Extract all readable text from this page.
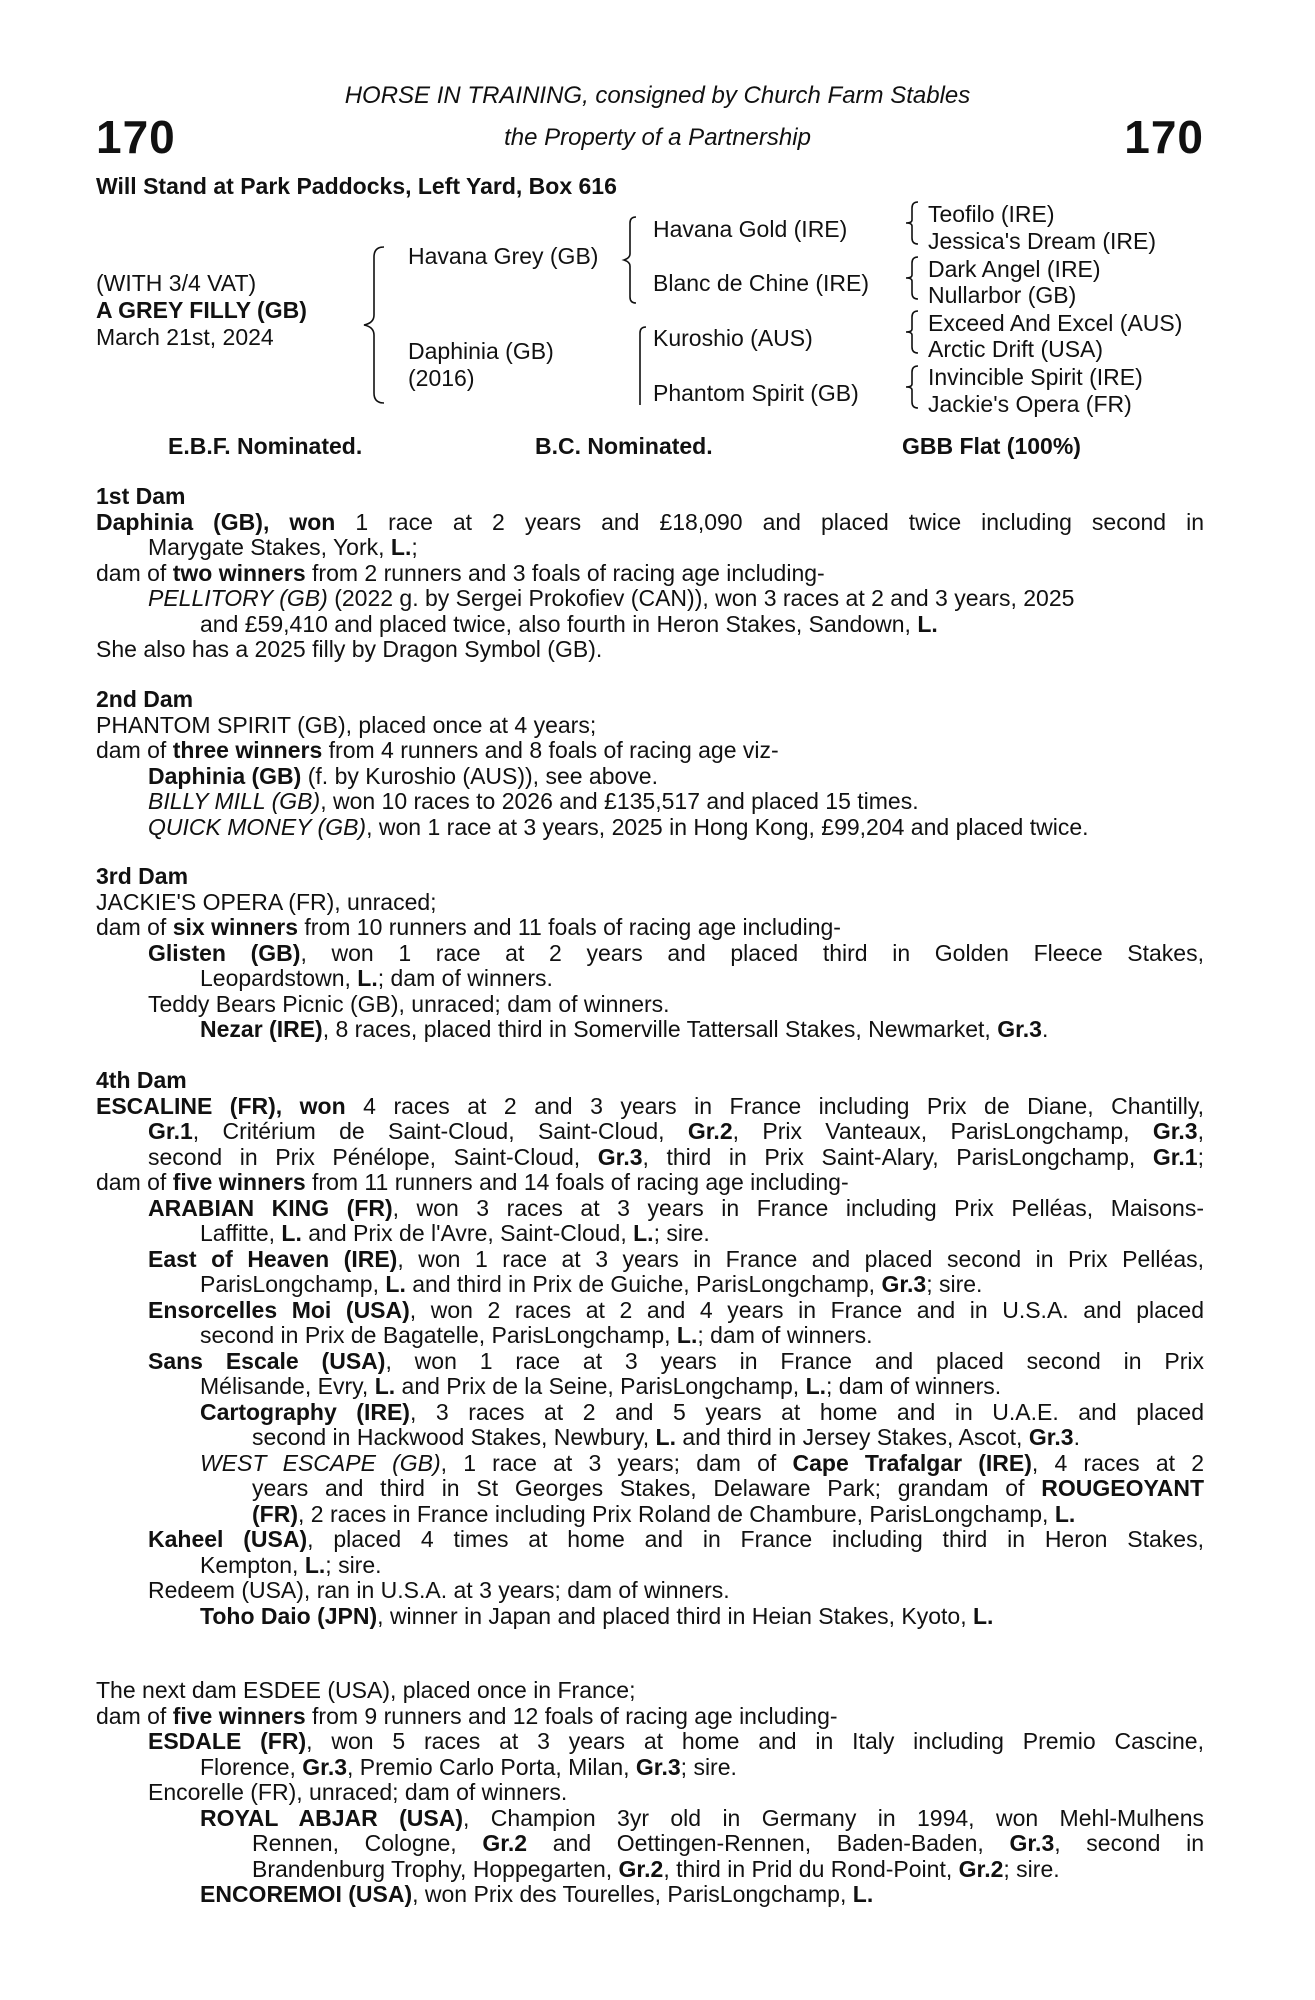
170	170
HORSE IN TRAINING, consigned by Church Farm Stables
the Property of a Partnership
Will Stand at Park Paddocks, Left Yard, Box 616
(WITH 3/4 VAT)
A GREY FILLY (GB)
March 21st, 2024
Havana Grey (GB)
Daphinia (GB)
(2016)
Havana Gold (IRE)
Blanc de Chine (IRE)
Kuroshio (AUS)
Phantom Spirit (GB)
Teofilo (IRE)
Jessica's Dream (IRE)
Dark Angel (IRE)
Nullarbor (GB)
Exceed And Excel (AUS)
Arctic Drift (USA)
Invincible Spirit (IRE)
Jackie's Opera (FR)
E.B.F. Nominated.	B.C. Nominated.	GBB Flat (100%)
1st Dam
Daphinia (GB), won 1 race at 2 years and £18,090 and placed twice including second in
Marygate Stakes, York, L.;
dam of two winners from 2 runners and 3 foals of racing age including-
PELLITORY (GB) (2022 g. by Sergei Prokofiev (CAN)), won 3 races at 2 and 3 years, 2025
and £59,410 and placed twice, also fourth in Heron Stakes, Sandown, L.
She also has a 2025 filly by Dragon Symbol (GB).
2nd Dam
PHANTOM SPIRIT (GB), placed once at 4 years;
dam of three winners from 4 runners and 8 foals of racing age viz-
Daphinia (GB) (f. by Kuroshio (AUS)), see above.
BILLY MILL (GB), won 10 races to 2026 and £135,517 and placed 15 times.
QUICK MONEY (GB), won 1 race at 3 years, 2025 in Hong Kong, £99,204 and placed twice.
3rd Dam
JACKIE'S OPERA (FR), unraced;
dam of six winners from 10 runners and 11 foals of racing age including-
Glisten (GB), won 1 race at 2 years and placed third in Golden Fleece Stakes,
Leopardstown, L.; dam of winners.
Teddy Bears Picnic (GB), unraced; dam of winners.
Nezar (IRE), 8 races, placed third in Somerville Tattersall Stakes, Newmarket, Gr.3.
4th Dam
ESCALINE (FR), won 4 races at 2 and 3 years in France including Prix de Diane, Chantilly,
Gr.1, Critérium de Saint-Cloud, Saint-Cloud, Gr.2, Prix Vanteaux, ParisLongchamp, Gr.3,
second in Prix Pénélope, Saint-Cloud, Gr.3, third in Prix Saint-Alary, ParisLongchamp, Gr.1;
dam of five winners from 11 runners and 14 foals of racing age including-
ARABIAN KING (FR), won 3 races at 3 years in France including Prix Pelléas, Maisons-
Laffitte, L. and Prix de l'Avre, Saint-Cloud, L.; sire.
East of Heaven (IRE), won 1 race at 3 years in France and placed second in Prix Pelléas,
ParisLongchamp, L. and third in Prix de Guiche, ParisLongchamp, Gr.3; sire.
Ensorcelles Moi (USA), won 2 races at 2 and 4 years in France and in U.S.A. and placed
second in Prix de Bagatelle, ParisLongchamp, L.; dam of winners.
Sans Escale (USA), won 1 race at 3 years in France and placed second in Prix
Mélisande, Evry, L. and Prix de la Seine, ParisLongchamp, L.; dam of winners.
Cartography (IRE), 3 races at 2 and 5 years at home and in U.A.E. and placed
second in Hackwood Stakes, Newbury, L. and third in Jersey Stakes, Ascot, Gr.3.
WEST ESCAPE (GB), 1 race at 3 years; dam of Cape Trafalgar (IRE), 4 races at 2
years and third in St Georges Stakes, Delaware Park; grandam of ROUGEOYANT
(FR), 2 races in France including Prix Roland de Chambure, ParisLongchamp, L.
Kaheel (USA), placed 4 times at home and in France including third in Heron Stakes,
Kempton, L.; sire.
Redeem (USA), ran in U.S.A. at 3 years; dam of winners.
Toho Daio (JPN), winner in Japan and placed third in Heian Stakes, Kyoto, L.
The next dam ESDEE (USA), placed once in France;
dam of five winners from 9 runners and 12 foals of racing age including-
ESDALE (FR), won 5 races at 3 years at home and in Italy including Premio Cascine,
Florence, Gr.3, Premio Carlo Porta, Milan, Gr.3; sire.
Encorelle (FR), unraced; dam of winners.
ROYAL ABJAR (USA), Champion 3yr old in Germany in 1994, won Mehl-Mulhens
Rennen, Cologne, Gr.2 and Oettingen-Rennen, Baden-Baden, Gr.3, second in
Brandenburg Trophy, Hoppegarten, Gr.2, third in Prid du Rond-Point, Gr.2; sire.
ENCOREMOI (USA), won Prix des Tourelles, ParisLongchamp, L.
